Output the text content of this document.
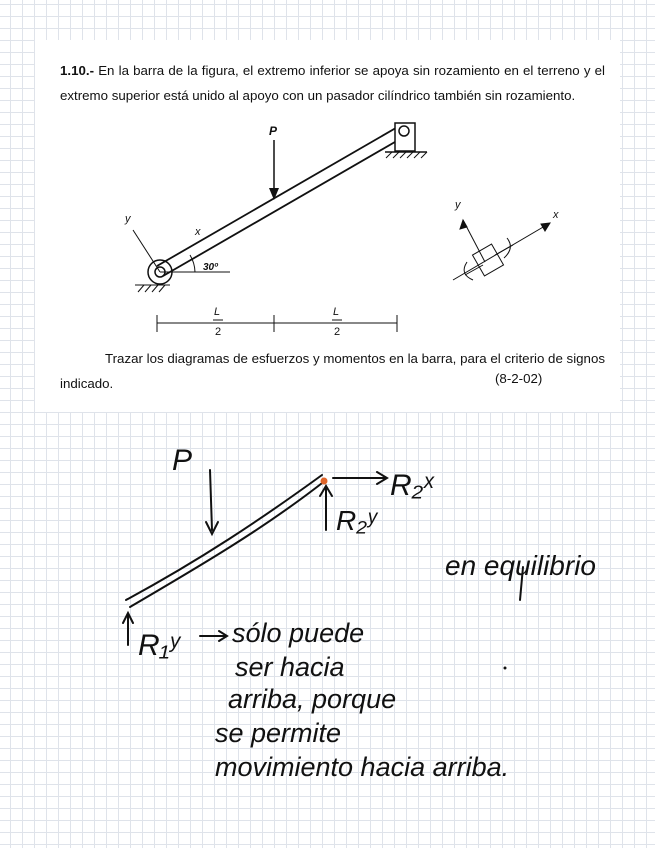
1.10.- En la barra de la figura, el extremo inferior se apoya sin rozamiento en el terreno y el extremo superior está unido al apoyo con un pasador cilíndrico también sin rozamiento.
P
y
x
30º
L
2
L
2
y
x
Trazar los diagramas de esfuerzos y momentos en la barra, para el criterio de signos indicado.	(8-2-02)
P
R₂ˣ
R₂ʸ
en equilibrio
R₁ʸ sólo puede
ser hacia
arriba, porque
se permite
movimiento hacia arriba.
